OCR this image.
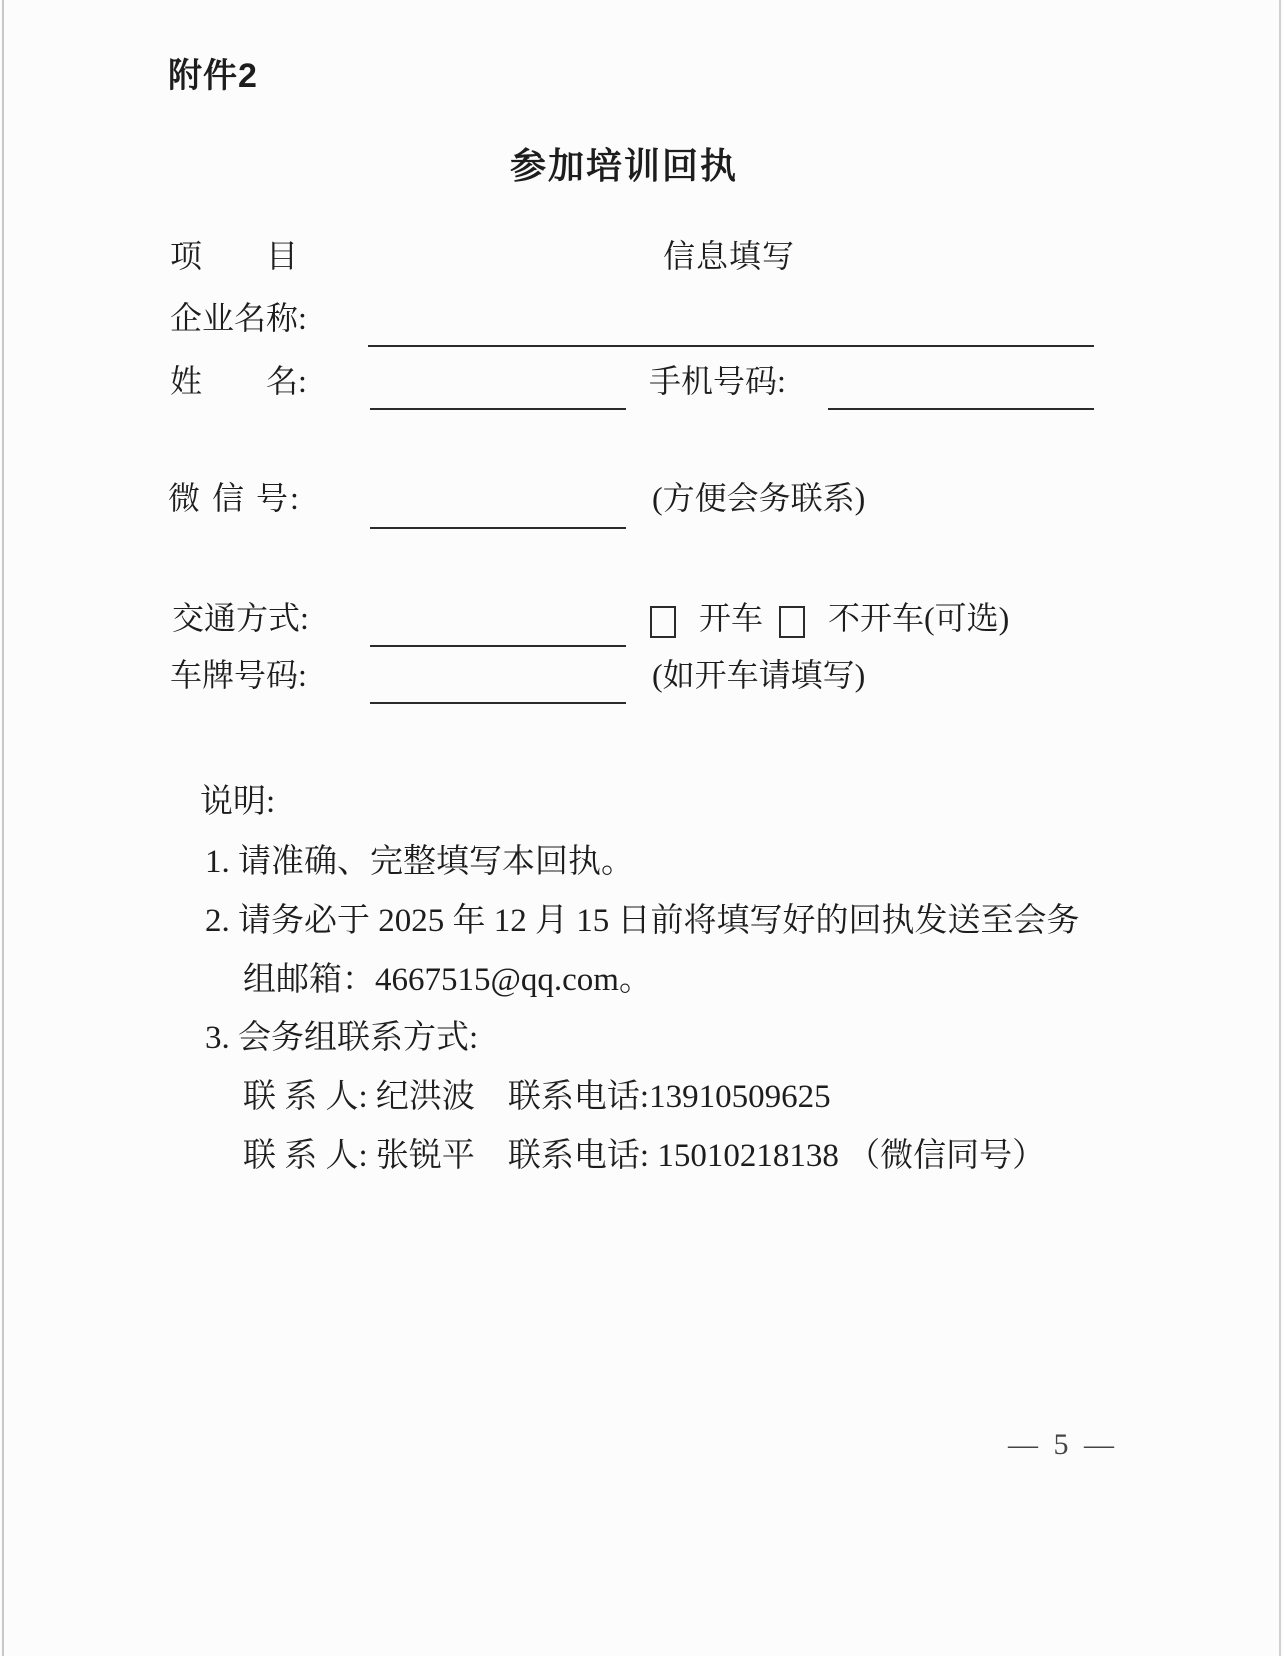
附件2
参加培训回执
项　　目	信息填写
企业名称:
姓　　名:	手机号码:
微 信 号:	(方便会务联系)
交通方式:	开车 不开车(可选)
车牌号码:	(如开车请填写)
说明:
1. 请准确、完整填写本回执。
2. 请务必于 2025 年 12 月 15 日前将填写好的回执发送至会务
组邮箱：4667515@qq.com。
3. 会务组联系方式:
联 系 人: 纪洪波　联系电话:13910509625
联 系 人: 张锐平　联系电话: 15010218138 （微信同号）
— 5 —
